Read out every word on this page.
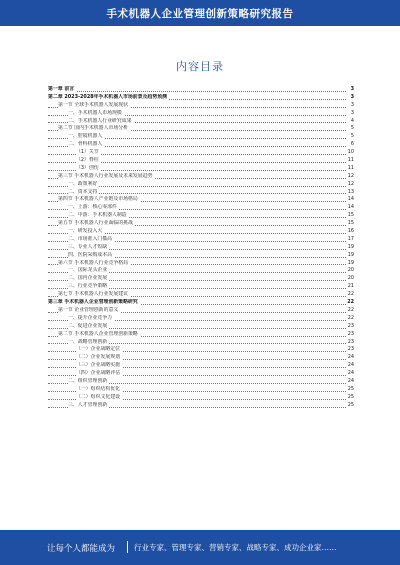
手术机器人企业管理创新策略研究报告
内容目录
第一章 前言	3
第二章 2023-2028年手术机器人市场前景及趋势预测	3
第一节 全球手术机器人发展现状	3
一、手术机器人市场规模	3
二、手术机器人行业研究成果	4
第二节 国内手术机器人市场分析	5
一、腔镜机器人	5
二、骨科机器人	6
（1）关节	10
（2）脊柱	11
（3）创伤	11
第三节 手术机器人行业发展及未来发展趋势	12
一、政策利好	12
二、资本支持	13
第四节 手术机器人产业链及市场格局	14
一、上游：核心零部件	14
二、中游：手术机器人制造	15
第五节 手术机器人行业面临的挑战	15
一、研发投入大	16
二、市场准入门槛高	17
三、专业人才短缺	19
四、医院采购成本高	19
第六节 手术机器人行业竞争格局	19
一、国际龙头企业	20
二、国内企业发展	20
三、行业竞争策略	21
第七节 手术机器人行业发展建议	22
第三章 手术机器人企业管理创新策略研究	22
第一节 企业管理创新的意义	22
一、提升企业竞争力	22
二、促进企业发展	23
第二节 手术机器人企业管理创新策略	23
一、战略管理创新	23
（一）企业战略定位	23
（二）企业发展规划	24
（三）企业战略实施	24
（四）企业战略评估	24
二、组织管理创新	24
（一）组织结构优化	25
（二）组织文化建设	25
三、人才管理创新	25
让每个人都能成为	行业专家、管理专家、营销专家、战略专家、成功企业家……
